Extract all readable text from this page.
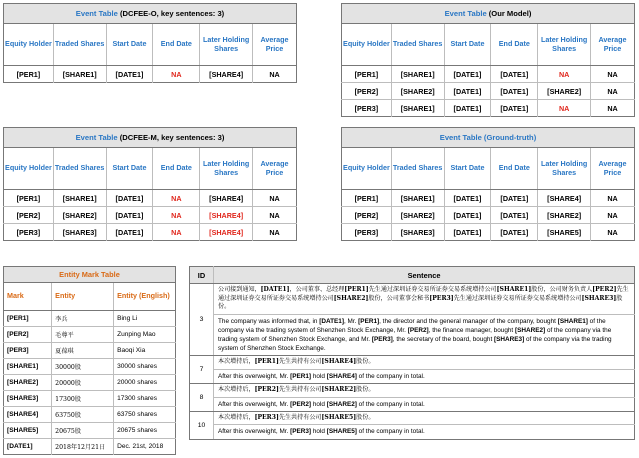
Event Table (DCFEE-O, key sentences: 3)					
Equity Holder	Traded Shares	Start Date	End Date	Later Holding Shares	Average Price
[PER1]	[SHARE1]	[DATE1]	NA	[SHARE4]	NA
Event Table (Our Model)					
Equity Holder	Traded Shares	Start Date	End Date	Later Holding Shares	Average Price
[PER1]	[SHARE1]	[DATE1]	[DATE1]	NA	NA
[PER2]	[SHARE2]	[DATE1]	[DATE1]	[SHARE2]	NA
[PER3]	[SHARE1]	[DATE1]	[DATE1]	NA	NA
Event Table (DCFEE-M, key sentences: 3)					
Equity Holder	Traded Shares	Start Date	End Date	Later Holding Shares	Average Price
[PER1]	[SHARE1]	[DATE1]	NA	[SHARE4]	NA
[PER2]	[SHARE2]	[DATE1]	NA	[SHARE4]	NA
[PER3]	[SHARE3]	[DATE1]	NA	[SHARE4]	NA
Event Table (Ground-truth)					
Equity Holder	Traded Shares	Start Date	End Date	Later Holding Shares	Average Price
[PER1]	[SHARE1]	[DATE1]	[DATE1]	[SHARE4]	NA
[PER2]	[SHARE2]	[DATE1]	[DATE1]	[SHARE2]	NA
[PER3]	[SHARE3]	[DATE1]	[DATE1]	[SHARE5]	NA
Entity Mark Table		
Mark	Entity	Entity (English)
[PER1]	李兵	Bing Li
[PER2]	毛尊平	Zunping Mao
[PER3]	夏葆琪	Baoqi Xia
[SHARE1]	30000股	30000 shares
[SHARE2]	20000股	20000 shares
[SHARE3]	17300股	17300 shares
[SHARE4]	63750股	63750 shares
[SHARE5]	20675股	20675 shares
[DATE1]	2018年12月21日	Dec. 21st, 2018
ID	Sentence
3	公司接到通知，[DATE1]，公司董事、总经理[PER1]先生通过深圳证券交易所证券交易系统增持公司[SHARE1]股份，公司财务负责人[PER2]先生通过深圳证券交易所证券交易系统增持公司[SHARE2]股份，公司董事会秘书[PER3]先生通过深圳证券交易所证券交易系统增持公司[SHARE3]股份。
	The company was informed that, in [DATE1], Mr. [PER1], the director and the general manager of the company, bought [SHARE1] of the company via the trading system of Shenzhen Stock Exchange, Mr. [PER2], the finance manager, bought [SHARE2] of the company via the trading system of Shenzhen Stock Exchange, and Mr. [PER3], the secretary of the board, bought [SHARE3] of the company via the trading system of Shenzhen Stock Exchange.
7	本次增持后，[PER1]先生共持有公司[SHARE4]股份。
	After this overweight, Mr. [PER1] hold [SHARE4] of the company in total.
8	本次增持后，[PER2]先生共持有公司[SHARE2]股份。
	After this overweight, Mr. [PER2] hold [SHARE2] of the company in total.
10	本次增持后，[PER3]先生共持有公司[SHARE5]股份。
	After this overweight, Mr. [PER3] hold [SHARE5] of the company in total.
